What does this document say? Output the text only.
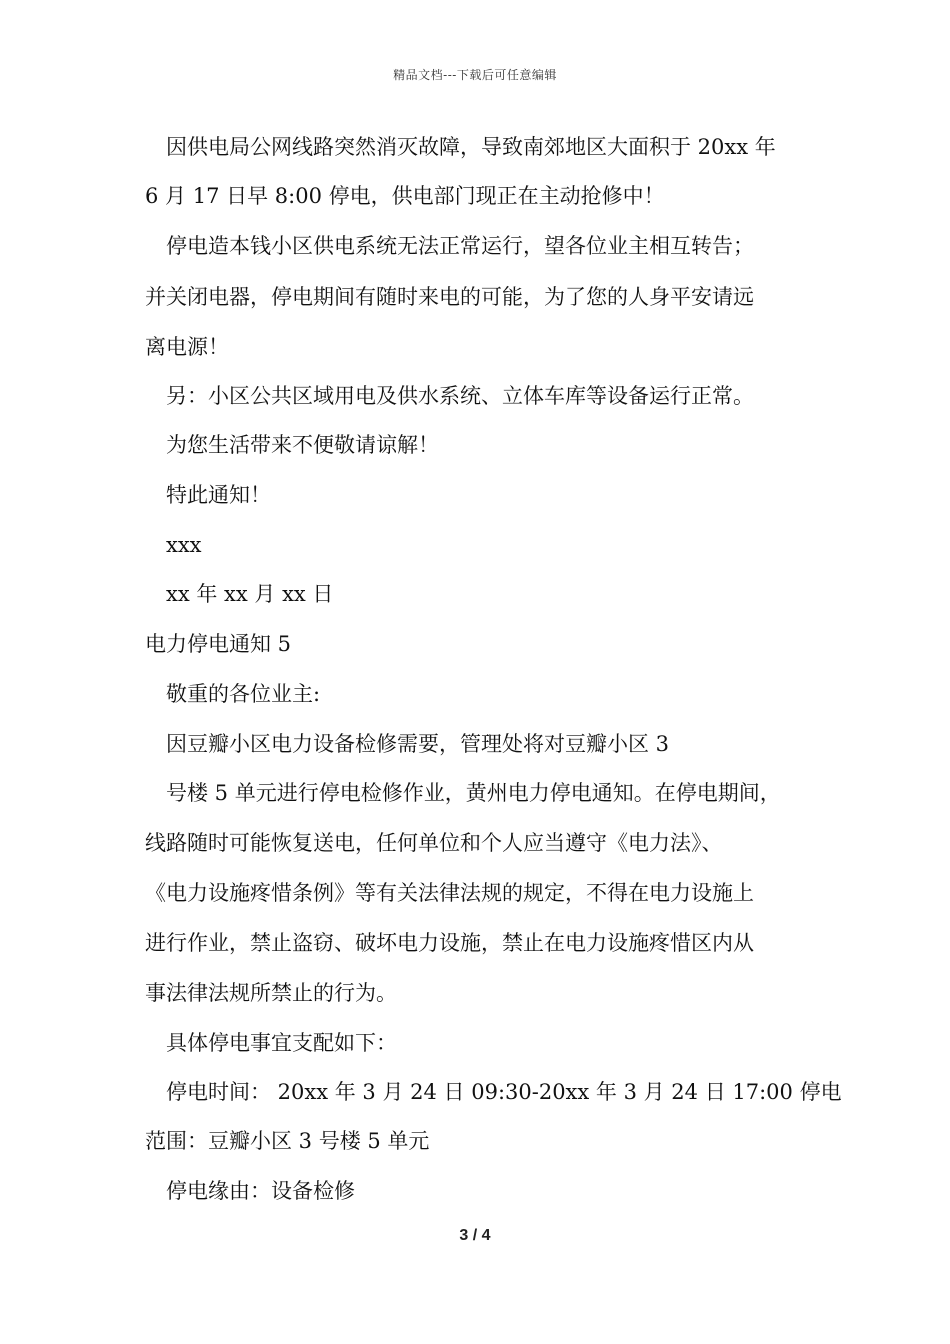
精品文档---下载后可任意编辑
因供电局公网线路突然消灭故障，导致南郊地区大面积于 20xx 年
6 月 17 日早 8:00 停电，供电部门现正在主动抢修中！
停电造本钱小区供电系统无法正常运行，望各位业主相互转告；
并关闭电器，停电期间有随时来电的可能，为了您的人身平安请远
离电源！
另：小区公共区域用电及供水系统、立体车库等设备运行正常。
为您生活带来不便敬请谅解！
特此通知！
xxx
xx 年 xx 月 xx 日
电力停电通知 5
敬重的各位业主:
因豆瓣小区电力设备检修需要，管理处将对豆瓣小区 3
号楼 5 单元进行停电检修作业，黄州电力停电通知。在停电期间，
线路随时可能恢复送电，任何单位和个人应当遵守《电力法》、
《电力设施疼惜条例》等有关法律法规的规定，不得在电力设施上
进行作业，禁止盗窃、破坏电力设施，禁止在电力设施疼惜区内从
事法律法规所禁止的行为。
具体停电事宜支配如下：
停电时间： 20xx 年 3 月 24 日 09:30-20xx 年 3 月 24 日 17:00 停电
范围：豆瓣小区 3 号楼 5 单元
停电缘由：设备检修
3 / 4
